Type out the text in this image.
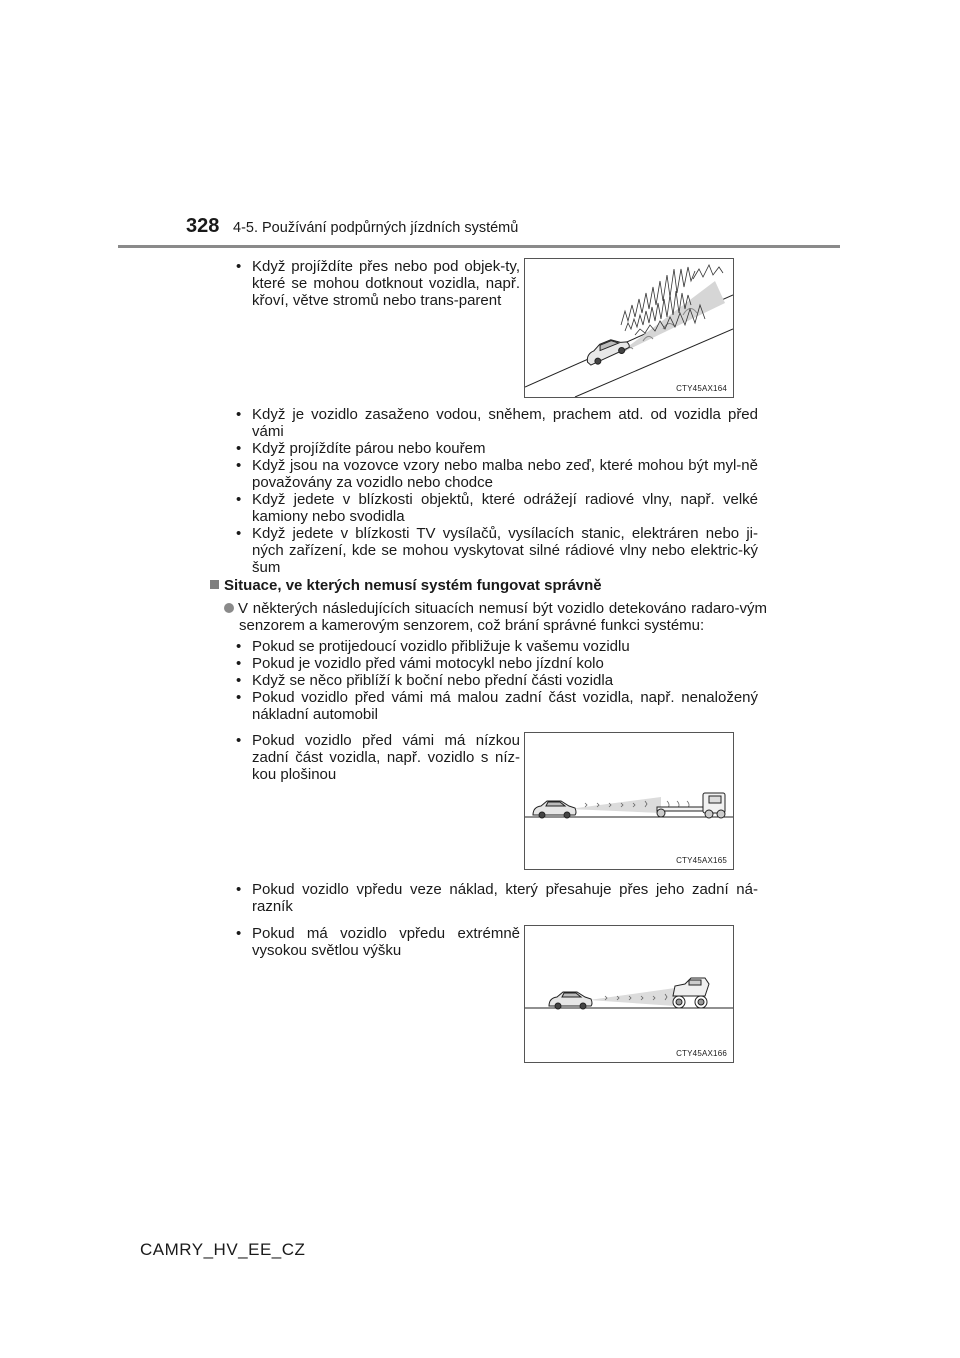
328 4-5. Používání podpůrných jízdních systémů
• Když projíždíte přes nebo pod objek-ty, které se mohou dotknout vozidla, např. křoví, větve stromů nebo trans-parent
CTY45AX164
• Když je vozidlo zasaženo vodou, sněhem, prachem atd. od vozidla před vámi
• Když projíždíte párou nebo kouřem
• Když jsou na vozovce vzory nebo malba nebo zeď, které mohou být myl-ně považovány za vozidlo nebo chodce
• Když jedete v blízkosti objektů, které odrážejí radiové vlny, např. velké kamiony nebo svodidla
• Když jedete v blízkosti TV vysílačů, vysílacích stanic, elektráren nebo ji-ných zařízení, kde se mohou vyskytovat silné rádiové vlny nebo elektric-ký šum
Situace, ve kterých nemusí systém fungovat správně
V některých následujících situacích nemusí být vozidlo detekováno radaro-vým senzorem a kamerovým senzorem, což brání správné funkci systému:
• Pokud se protijedoucí vozidlo přibližuje k vašemu vozidlu
• Pokud je vozidlo před vámi motocykl nebo jízdní kolo
• Když se něco přiblíží k boční nebo přední části vozidla
• Pokud vozidlo před vámi má malou zadní část vozidla, např. nenaložený nákladní automobil
• Pokud vozidlo před vámi má nízkou zadní část vozidla, např. vozidlo s níz-kou plošinou
CTY45AX165
• Pokud vozidlo vpředu veze náklad, který přesahuje přes jeho zadní ná-razník
• Pokud má vozidlo vpředu extrémně vysokou světlou výšku
CTY45AX166
CAMRY_HV_EE_CZ
